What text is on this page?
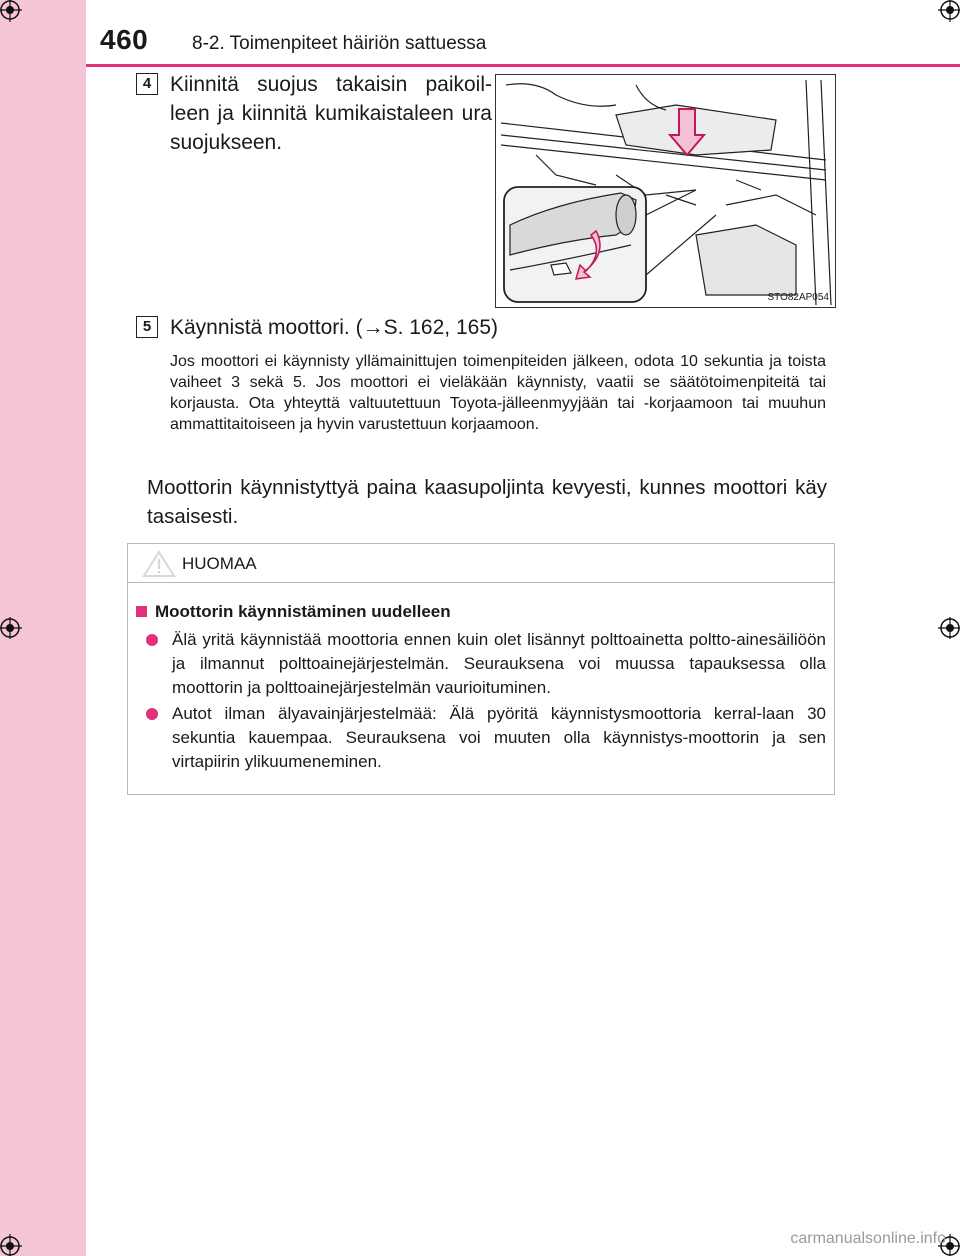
460 8-2. Toimenpiteet häiriön sattuessa
4 Kiinnitä suojus takaisin paikoil-leen ja kiinnitä kumikaistaleen ura suojukseen.
STO82AP054
5 Käynnistä moottori. (→S. 162, 165)
Jos moottori ei käynnisty yllämainittujen toimenpiteiden jälkeen, odota 10 sekuntia ja toista vaiheet 3 sekä 5. Jos moottori ei vieläkään käynnisty, vaatii se säätötoimenpiteitä tai korjausta. Ota yhteyttä valtuutettuun Toyota-jälleenmyyjään tai -korjaamoon tai muuhun ammattitaitoiseen ja hyvin varustettuun korjaamoon.
Moottorin käynnistyttyä paina kaasupoljinta kevyesti, kunnes moottori käy tasaisesti.
HUOMAA
Moottorin käynnistäminen uudelleen
Älä yritä käynnistää moottoria ennen kuin olet lisännyt polttoainetta poltto-ainesäiliöön ja ilmannut polttoainejärjestelmän. Seurauksena voi muussa tapauksessa olla moottorin ja polttoainejärjestelmän vaurioituminen.
Autot ilman älyavainjärjestelmää: Älä pyöritä käynnistysmoottoria kerral-laan 30 sekuntia kauempaa. Seurauksena voi muuten olla käynnistys-moottorin ja sen virtapiirin ylikuumeneminen.
carmanualsonline.info
